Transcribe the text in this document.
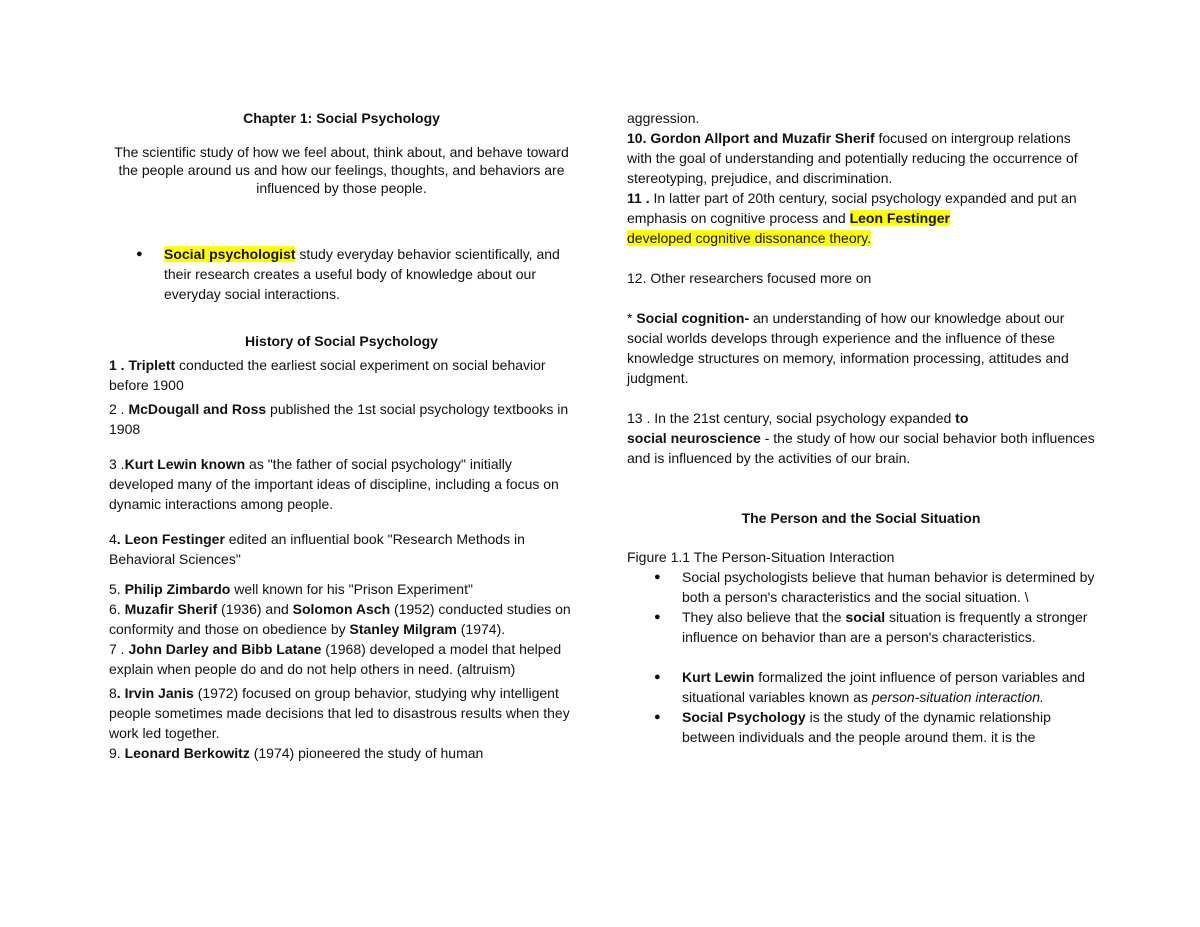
Chapter 1: Social Psychology

The scientific study of how we feel about, think about, and behave toward the people around us and how our feelings, thoughts, and behaviors are influenced by those people.

● Social psychologist study everyday behavior scientifically, and their research creates a useful body of knowledge about our everyday social interactions.

History of Social Psychology

1 . Triplett conducted the earliest social experiment on social behavior before 1900

2 . McDougall and Ross published the 1st social psychology textbooks in 1908

3 .Kurt Lewin known as "the father of social psychology" initially developed many of the important ideas of discipline, including a focus on dynamic interactions among people.

4. Leon Festinger edited an influential book "Research Methods in Behavioral Sciences"

5. Philip Zimbardo well known for his "Prison Experiment"

6. Muzafir Sherif (1936) and Solomon Asch (1952) conducted studies on conformity and those on obedience by Stanley Milgram (1974).

7 . John Darley and Bibb Latane (1968) developed a model that helped explain when people do and do not help others in need. (altruism)

8. Irvin Janis (1972) focused on group behavior, studying why intelligent people sometimes made decisions that led to disastrous results when they work led together.

9. Leonard Berkowitz (1974) pioneered the study of human

aggression.

10. Gordon Allport and Muzafir Sherif focused on intergroup relations with the goal of understanding and potentially reducing the occurrence of stereotyping, prejudice, and discrimination.

11 . In latter part of 20th century, social psychology expanded and put an emphasis on cognitive process and Leon Festinger
developed cognitive dissonance theory.

12. Other researchers focused more on

* Social cognition- an understanding of how our knowledge about our social worlds develops through experience and the influence of these knowledge structures on memory, information processing, attitudes and judgment.

13 . In the 21st century, social psychology expanded to
social neuroscience - the study of how our social behavior both influences and is influenced by the activities of our brain.

The Person and the Social Situation

Figure 1.1 The Person-Situation Interaction

● Social psychologists believe that human behavior is determined by both a person's characteristics and the social situation. \
● They also believe that the social situation is frequently a stronger influence on behavior than are a person's characteristics.
● Kurt Lewin formalized the joint influence of person variables and situational variables known as person-situation interaction.
● Social Psychology is the study of the dynamic relationship between individuals and the people around them. it is the
